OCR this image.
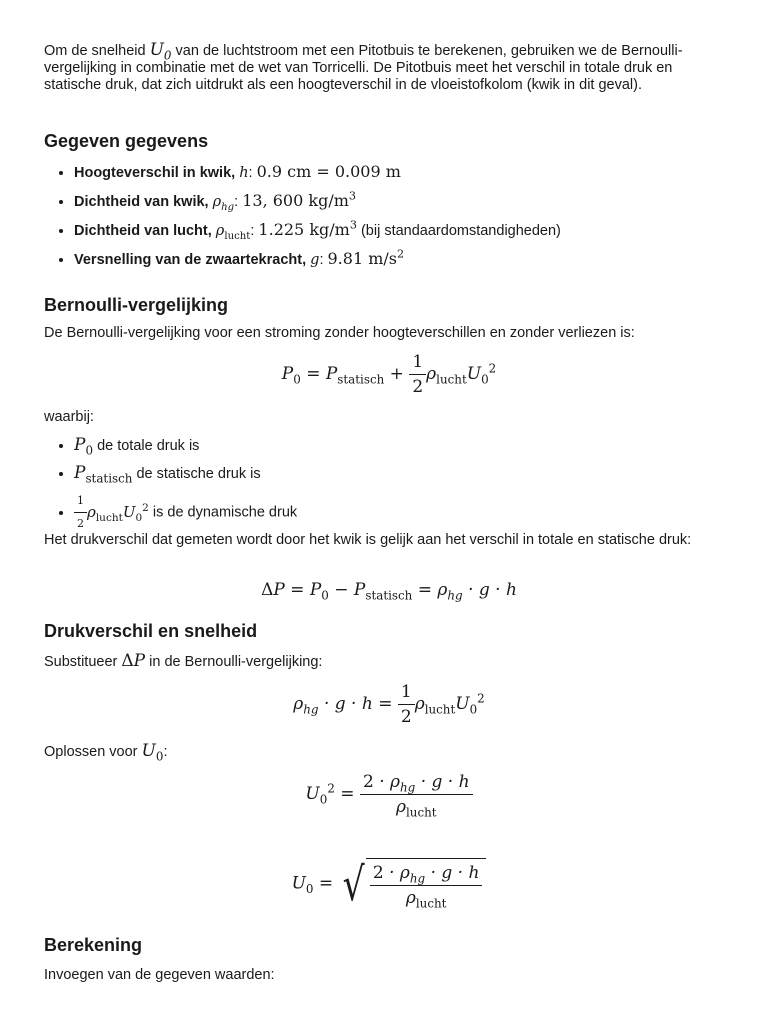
Om de snelheid $U_0$ van de luchtstroom met een Pitotbuis te berekenen, gebruiken we de Bernoulli-vergelijking in combinatie met de wet van Torricelli. De Pitotbuis meet het verschil in totale druk en statische druk, dat zich uitdrukt als een hoogteverschil in de vloeistofkolom (kwik in dit geval).

Gegeven gegevens
• Hoogteverschil in kwik, h: 0.9 cm = 0.009 m
• Dichtheid van kwik, $\rho_{hg}$: 13, 600 $kg/m^3$
• Dichtheid van lucht, $\rho_{lucht}$: 1.225 $kg/m^3$ (bij standaardomstandigheden)
• Versnelling van de zwaartekracht, g: 9.81 $m/s^2$
Bernoulli-vergelijking

De Bernoulli-vergelijking voor een stroming zonder hoogteverschillen en zonder verliezen is:

$P_0 = P_{statisch} + \frac{1}{2} \rho_{lucht}U_0^2$

waarbij:

• $P_0$ de totale druk is
• $P_{statisch}$ de statische druk is
• $\frac{1}{2} \rho_{lucht}U_0^2$ is de dynamische druk

Het drukverschil dat gemeten wordt door het kwik is gelijk aan het verschil in totale en statische druk:

$\Delta P = P_0 - P_{statisch} = \rho_{hg} \cdot g \cdot h$
Drukverschil en snelheid

Substitueer ΔP in de Bernoulli-vergelijking:

$\rho_{hg} \cdot g \cdot h = \frac{1}{2} \rho_{lucht}U_0^2$

Oplossen voor $U_0$:

$U_0^2 = \frac{2 \cdot \rho_{hg} \cdot g \cdot h}{\rho_{lucht}}$
$U_0$ = √ $\frac{2 \cdot \rho_{hg} \cdot g \cdot h}{\rho_{lucht}}$
Berekening

Invoegen van de gegeven waarden:
